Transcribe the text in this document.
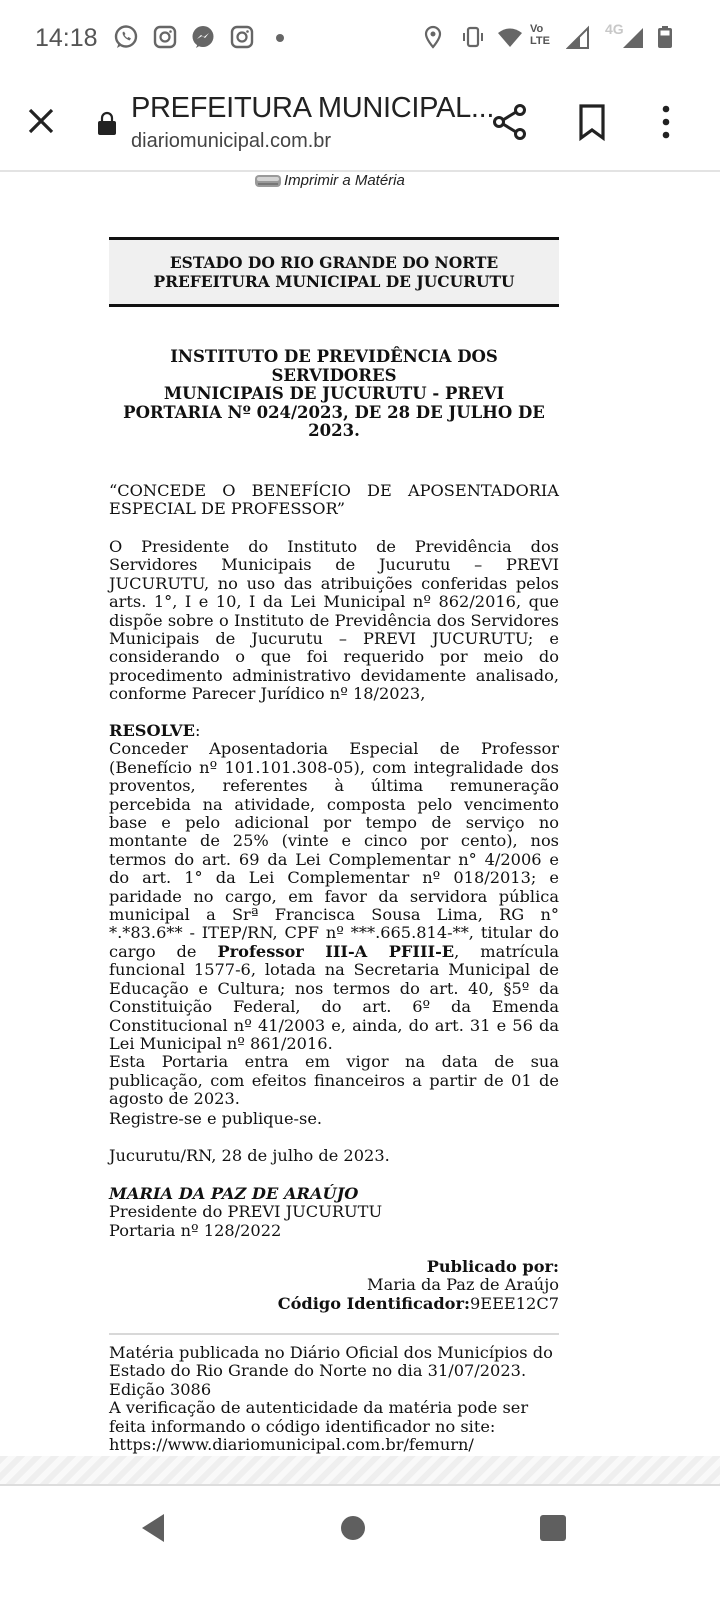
14:18	Vo
LTE
4G
PREFEITURA MUNICIPAL...
diariomunicipal.com.br
Imprimir a Matéria
ESTADO DO RIO GRANDE DO NORTE
PREFEITURA MUNICIPAL DE JUCURUTU
INSTITUTO DE PREVIDÊNCIA DOS SERVIDORES
MUNICIPAIS DE JUCURUTU - PREVI
PORTARIA Nº 024/2023, DE 28 DE JULHO DE 2023.
“CONCEDE O BENEFÍCIO DE APOSENTADORIA ESPECIAL DE PROFESSOR”
O Presidente do Instituto de Previdência dos Servidores Municipais de Jucurutu – PREVI JUCURUTU, no uso das atribuições conferidas pelos arts. 1°, I e 10, I da Lei Municipal nº 862/2016, que dispõe sobre o Instituto de Previdência dos Servidores Municipais de Jucurutu – PREVI JUCURUTU; e considerando o que foi requerido por meio do procedimento administrativo devidamente analisado, conforme Parecer Jurídico nº 18/2023,
RESOLVE:
Conceder Aposentadoria Especial de Professor (Benefício nº 101.101.308-05), com integralidade dos proventos, referentes à última remuneração percebida na atividade, composta pelo vencimento base e pelo adicional por tempo de serviço no montante de 25% (vinte e cinco por cento), nos termos do art. 69 da Lei Complementar n° 4/2006 e do art. 1° da Lei Complementar nº 018/2013; e paridade no cargo, em favor da servidora pública municipal a Srª Francisca Sousa Lima, RG n° *.*83.6** - ITEP/RN, CPF nº ***.665.814-**, titular do cargo de Professor III-A PFIII-E, matrícula funcional 1577-6, lotada na Secretaria Municipal de Educação e Cultura; nos termos do art. 40, §5º da Constituição Federal, do art. 6º da Emenda Constitucional nº 41/2003 e, ainda, do art. 31 e 56 da Lei Municipal nº 861/2016.
Esta Portaria entra em vigor na data de sua publicação, com efeitos financeiros a partir de 01 de agosto de 2023.
Registre-se e publique-se.
Jucurutu/RN, 28 de julho de 2023.
MARIA DA PAZ DE ARAÚJO
Presidente do PREVI JUCURUTU
Portaria nº 128/2022
Publicado por:
Maria da Paz de Araújo
Código Identificador:9EEE12C7
Matéria publicada no Diário Oficial dos Municípios do Estado do Rio Grande do Norte no dia 31/07/2023.
Edição 3086
A verificação de autenticidade da matéria pode ser feita informando o código identificador no site:
https://www.diariomunicipal.com.br/femurn/
